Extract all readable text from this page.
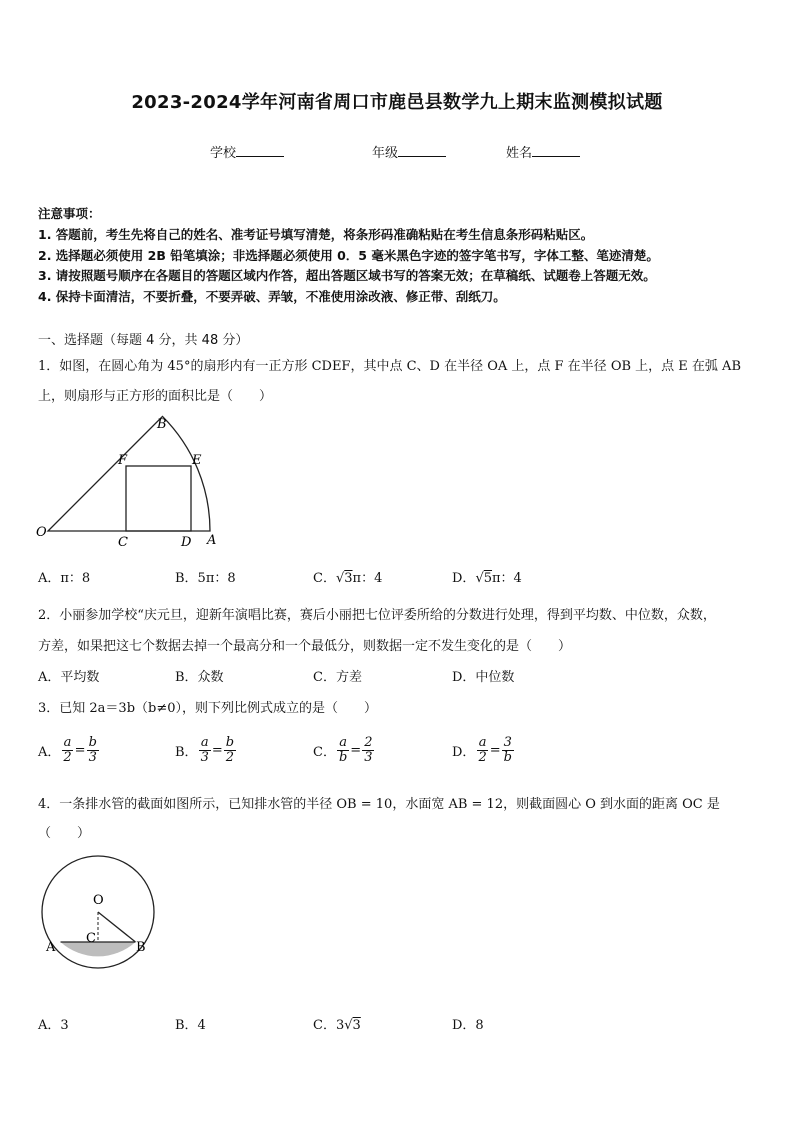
2023-2024学年河南省周口市鹿邑县数学九上期末监测模拟试题
学校	年级	姓名
注意事项：
1. 答题前，考生先将自己的姓名、准考证号填写清楚，将条形码准确粘贴在考生信息条形码粘贴区。
2. 选择题必须使用 2B 铅笔填涂；非选择题必须使用 0．5 毫米黑色字迹的签字笔书写，字体工整、笔迹清楚。
3. 请按照题号顺序在各题目的答题区域内作答，超出答题区域书写的答案无效；在草稿纸、试题卷上答题无效。
4. 保持卡面清洁，不要折叠，不要弄破、弄皱，不准使用涂改液、修正带、刮纸刀。
一、选择题（每题 4 分，共 48 分）
1．如图，在圆心角为 45°的扇形内有一正方形 CDEF，其中点 C、D 在半径 OA 上，点 F 在半径 OB 上，点 E 在弧 AB
上，则扇形与正方形的面积比是（　　）
O
C	D A
B
F	E
A．π：8	B．5π：8	C．√3π：4	D．√5π：4
2．小丽参加学校“庆元旦，迎新年演唱比赛，赛后小丽把七位评委所给的分数进行处理，得到平均数、中位数，众数，
方差，如果把这七个数据去掉一个最高分和一个最低分，则数据一定不发生变化的是（　　）
A．平均数	B．众数	C．方差	D．中位数
3．已知 2a＝3b（b≠0），则下列比例式成立的是（　　）
A． $\frac{a}{2} = \frac{b}{3}$	B． $\frac{a}{3} = \frac{b}{2}$	C． $\frac{a}{b} = \frac{2}{3}$	D． $\frac{a}{2} = \frac{3}{b}$
4．一条排水管的截面如图所示，已知排水管的半径 OB = 10，水面宽 AB = 12，则截面圆心 O 到水面的距离 OC 是
（　　）
O
C
A	B
A．3	B．4	C．3√3	D．8
